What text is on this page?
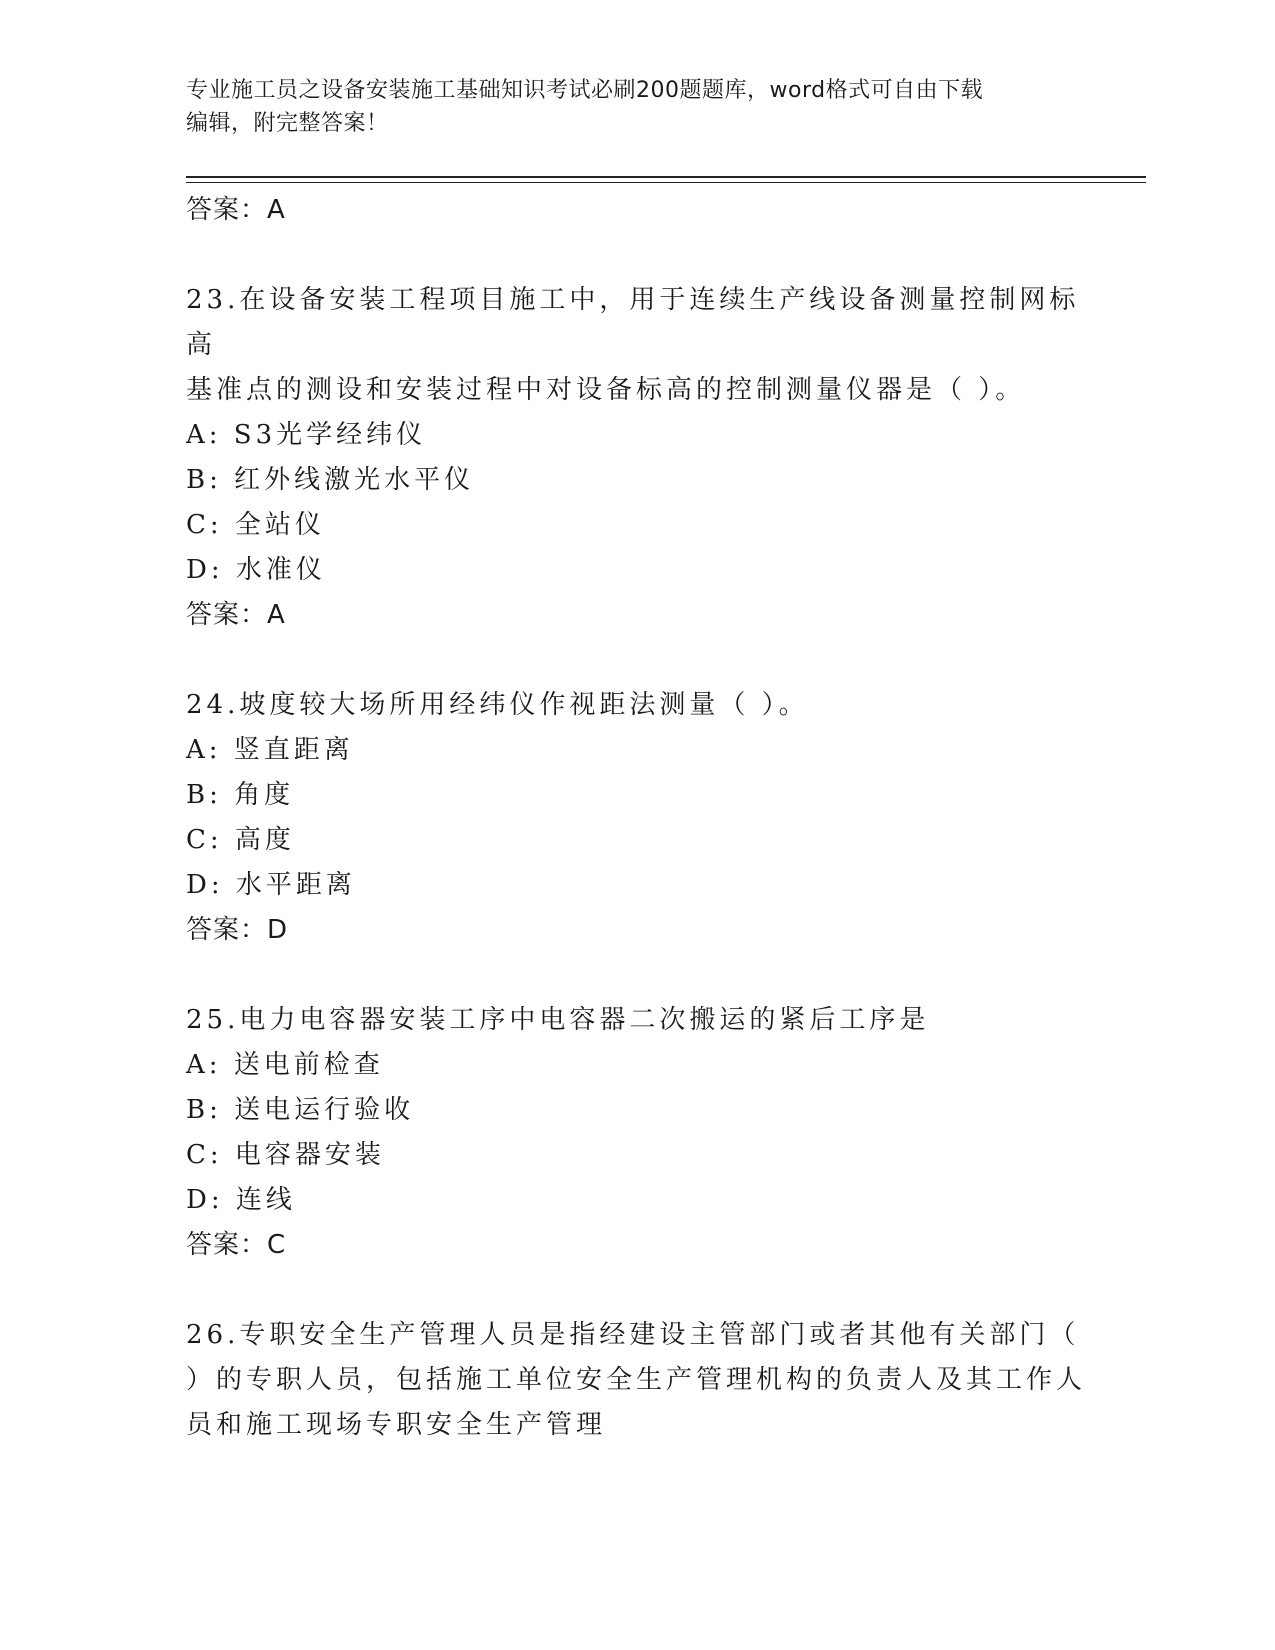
专业施工员之设备安装施工基础知识考试必刷200题题库，word格式可自由下载
编辑，附完整答案！
答案：A
23.在设备安装工程项目施工中，用于连续生产线设备测量控制网标高
基准点的测设和安装过程中对设备标高的控制测量仪器是（ ）。
A: S3光学经纬仪
B: 红外线激光水平仪
C: 全站仪
D: 水准仪
答案：A
24.坡度较大场所用经纬仪作视距法测量（ ）。
A: 竖直距离
B: 角度
C: 高度
D: 水平距离
答案：D
25.电力电容器安装工序中电容器二次搬运的紧后工序是
A: 送电前检查
B: 送电运行验收
C: 电容器安装
D: 连线
答案：C
26.专职安全生产管理人员是指经建设主管部门或者其他有关部门（
）的专职人员，包括施工单位安全生产管理机构的负责人及其工作人
员和施工现场专职安全生产管理
